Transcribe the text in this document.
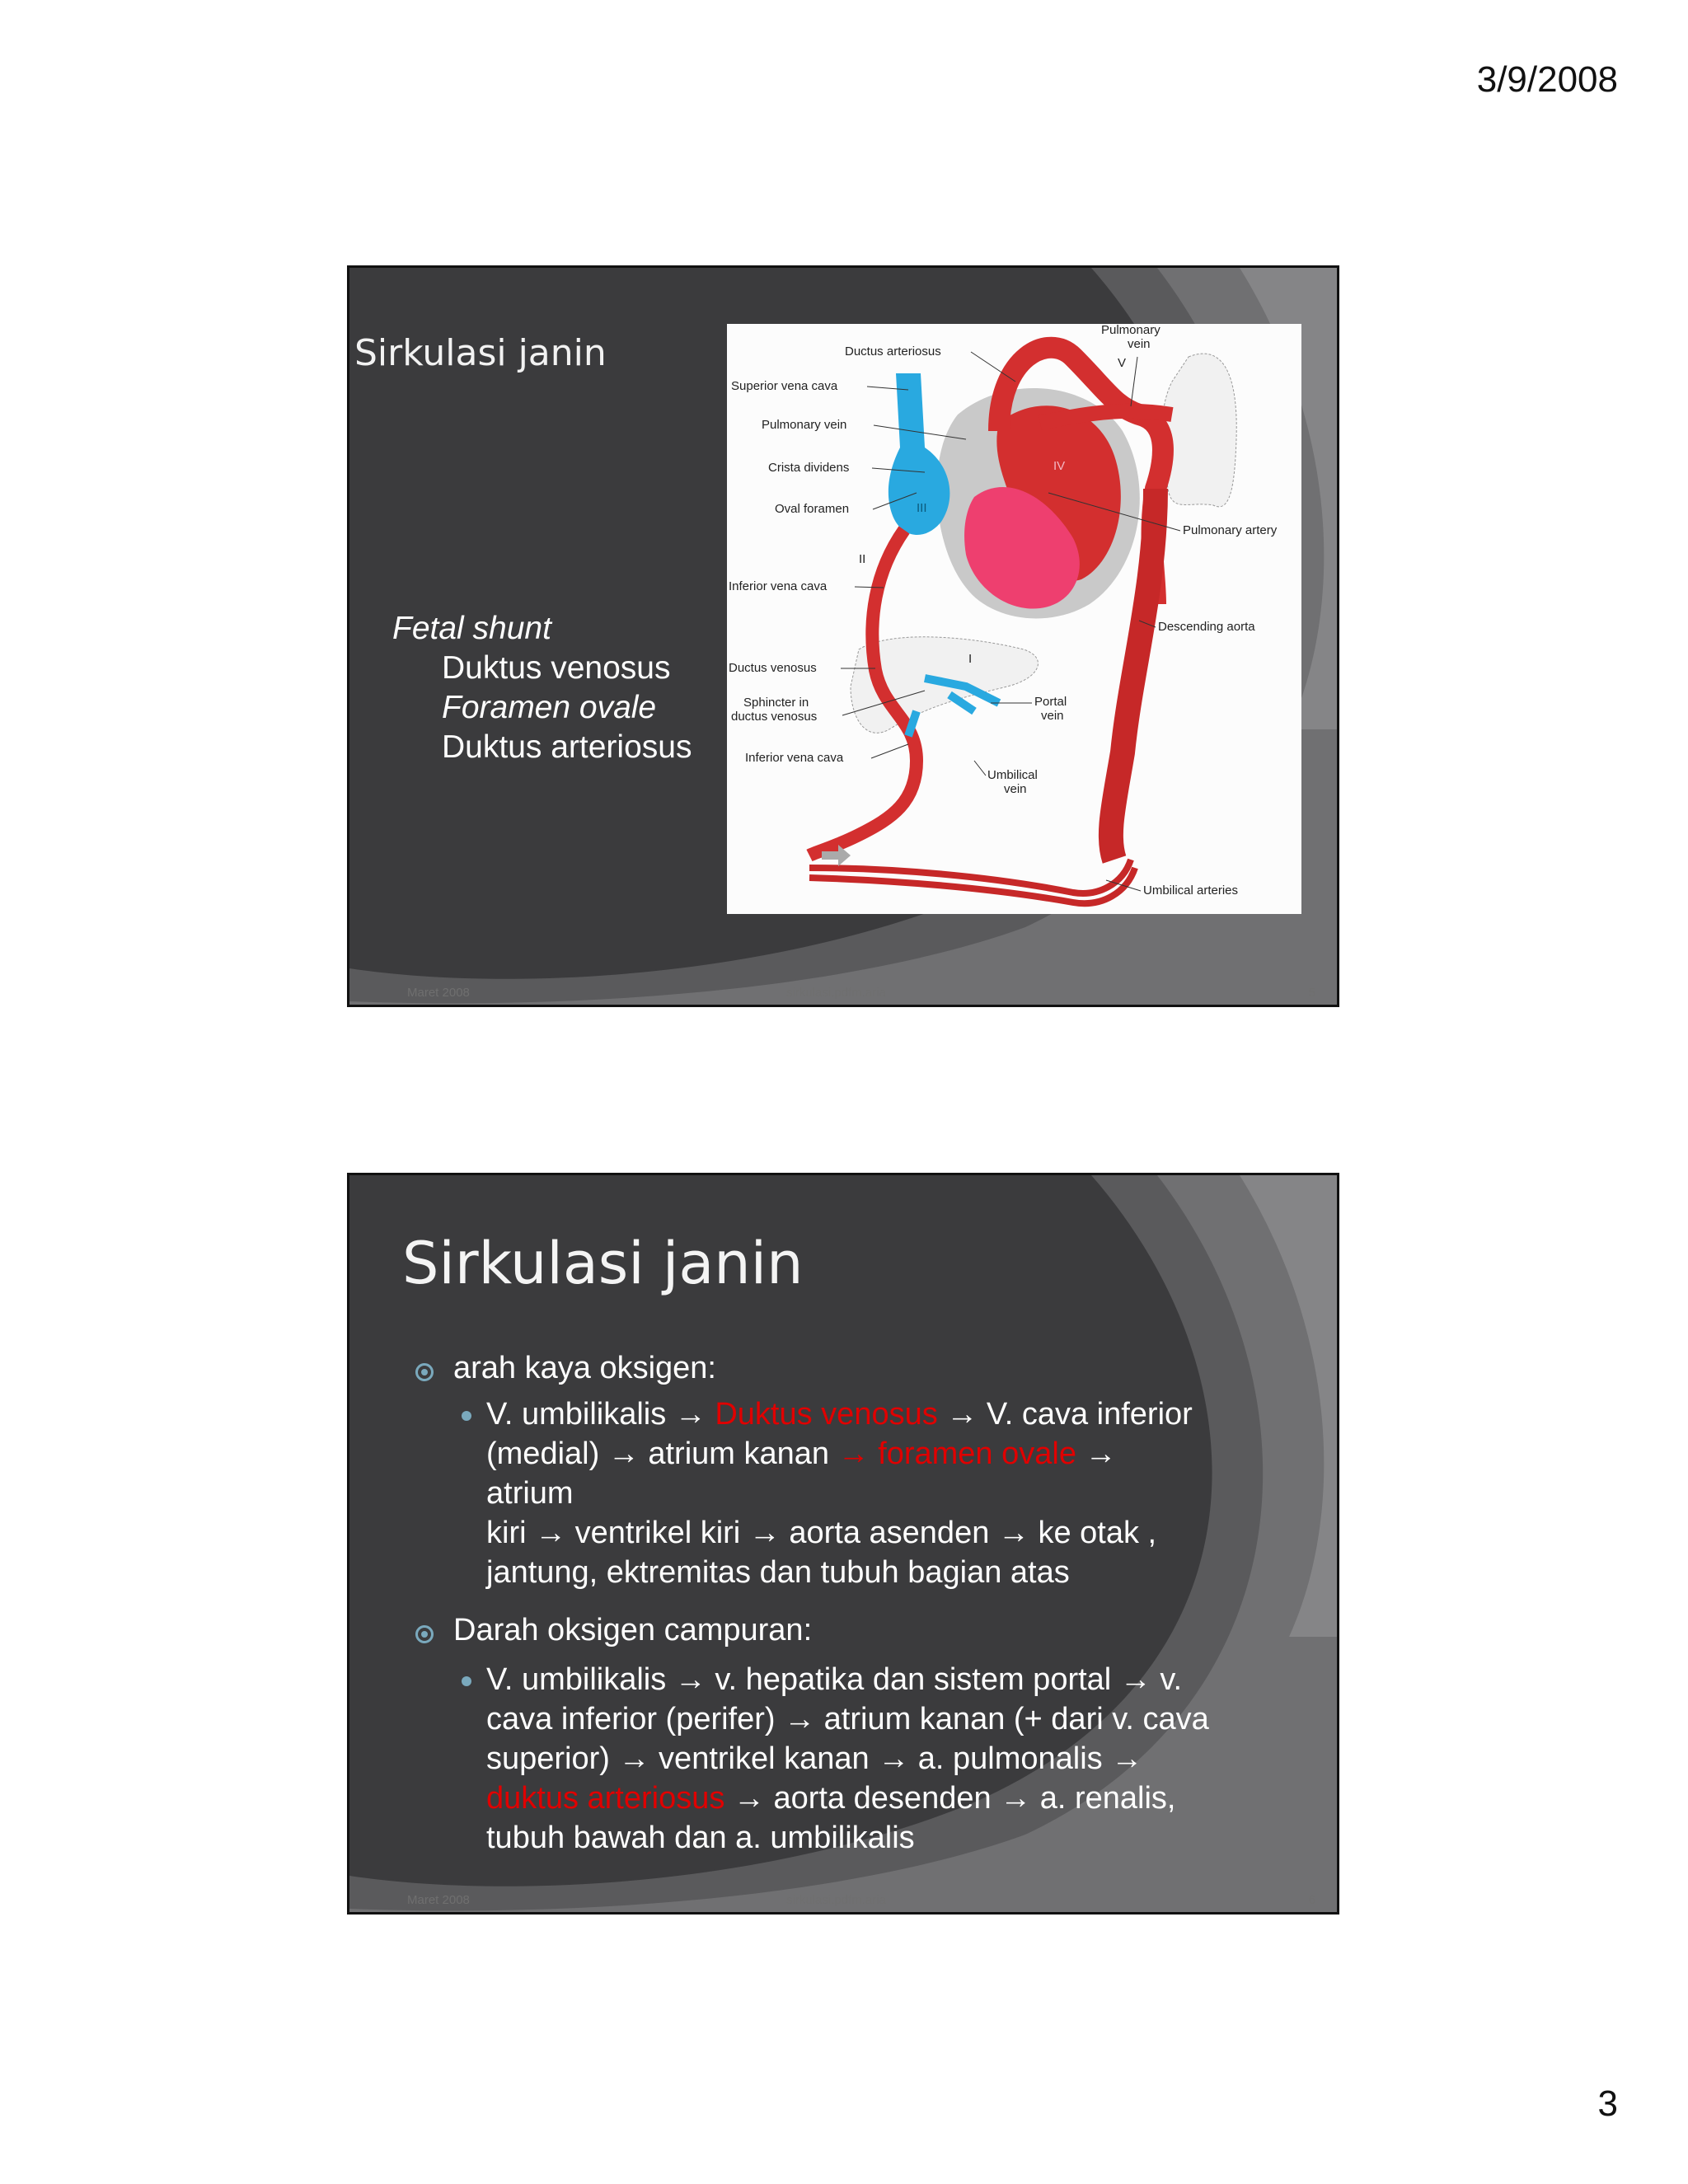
3/9/2008
Sirkulasi janin
Fetal shunt
Duktus venosus
Foramen ovale
Duktus arteriosus
Ductus arteriosus
Superior vena cava
Pulmonary vein
Crista dividens
Oval foramen
II
Inferior vena cava
Ductus venosus
Sphincter in
ductus venosus
Inferior vena cava
Pulmonary
vein
V
IV
III
I
Pulmonary artery
Descending aorta
Portal
vein
Umbilical
vein
Umbilical arteries
Maret 2008	sirkulasi.pdfm.aria	5
Sirkulasi janin
arah kaya oksigen:
V. umbilikalis → Duktus venosus → V. cava inferior
(medial) → atrium kanan → foramen ovale → atrium
kiri → ventrikel kiri → aorta asenden → ke otak ,
jantung, ektremitas dan tubuh bagian atas
Darah oksigen campuran:
V. umbilikalis → v. hepatika dan sistem portal → v.
cava inferior (perifer) → atrium kanan (+ dari v. cava
superior) → ventrikel kanan → a. pulmonalis →
duktus arteriosus → aorta desenden → a. renalis,
tubuh bawah dan a. umbilikalis
Maret 2008	sirkulasi.pdfm.aria	6
3
